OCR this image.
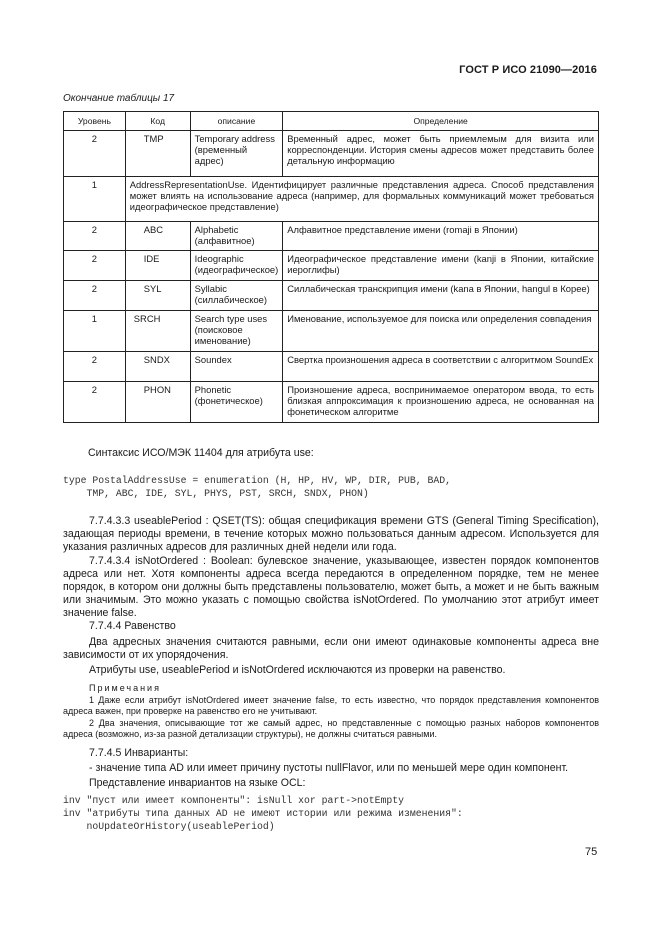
ГОСТ Р ИСО 21090—2016
Окончание таблицы 17
Уровень	Код	описание	Определение
2	TMP	Temporary address (временный адрес)	Временный адрес, может быть приемлемым для визита или корреспонденции. История смены адресов может представить более детальную информацию
1	AddressRepresentationUse. Идентифицирует различные представления адреса. Способ представления может влиять на использование адреса (например, для формальных коммуникаций может требоваться идеографическое представление)		
2	ABC	Alphabetic (алфавитное)	Алфавитное представление имени (romaji в Японии)
2	IDE	Ideographic (идеографическое)	Идеографическое представление имени (kanji в Японии, китайские иероглифы)
2	SYL	Syllabic (силлабическое)	Силлабическая транскрипция имени (kana в Японии, hangul в Корее)
1	SRCH	Search type uses (поисковое именование)	Именование, используемое для поиска или определения совпадения
2	SNDX	Soundex	Свертка произношения адреса в соответствии с алгоритмом SoundEx
2	PHON	Phonetic (фонетическое)	Произношение адреса, воспринимаемое оператором ввода, то есть близкая аппроксимация к произношению адреса, не основанная на фонетическом алгоритме
Синтаксис ИСО/МЭК 11404 для атрибута use:
type PostalAddressUse = enumeration (H, HP, HV, WP, DIR, PUB, BAD,
TMP, ABC, IDE, SYL, PHYS, PST, SRCH, SNDX, PHON)
7.7.4.3.3 useablePeriod : QSET(TS): общая спецификация времени GTS (General Timing Specification), задающая периоды времени, в течение которых можно пользоваться данным адресом. Используется для указания различных адресов для различных дней недели или года.
7.7.4.3.4 isNotOrdered : Boolean: булевское значение, указывающее, известен порядок компонентов адреса или нет. Хотя компоненты адреса всегда передаются в определенном порядке, тем не менее порядок, в котором они должны быть представлены пользователю, может быть, а может и не быть важным или значимым. Это можно указать с помощью свойства isNotOrdered. По умолчанию этот атрибут имеет значение false.
7.7.4.4 Равенство
Два адресных значения считаются равными, если они имеют одинаковые компоненты адреса вне зависимости от их упорядочения.
Атрибуты use, useablePeriod и isNotOrdered исключаются из проверки на равенство.
Примечания
1 Даже если атрибут isNotOrdered имеет значение false, то есть известно, что порядок представления компонентов адреса важен, при проверке на равенство его не учитывают.
2 Два значения, описывающие тот же самый адрес, но представленные с помощью разных наборов компонентов адреса (возможно, из-за разной детализации структуры), не должны считаться равными.
7.7.4.5 Инварианты:
- значение типа AD или имеет причину пустоты nullFlavor, или по меньшей мере один компонент.
Представление инвариантов на языке OCL:
inv "пуст или имеет компоненты": isNull xor part->notEmpty
inv "атрибуты типа данных AD не имеют истории или режима изменения":
noUpdateOrHistory(useablePeriod)
75
